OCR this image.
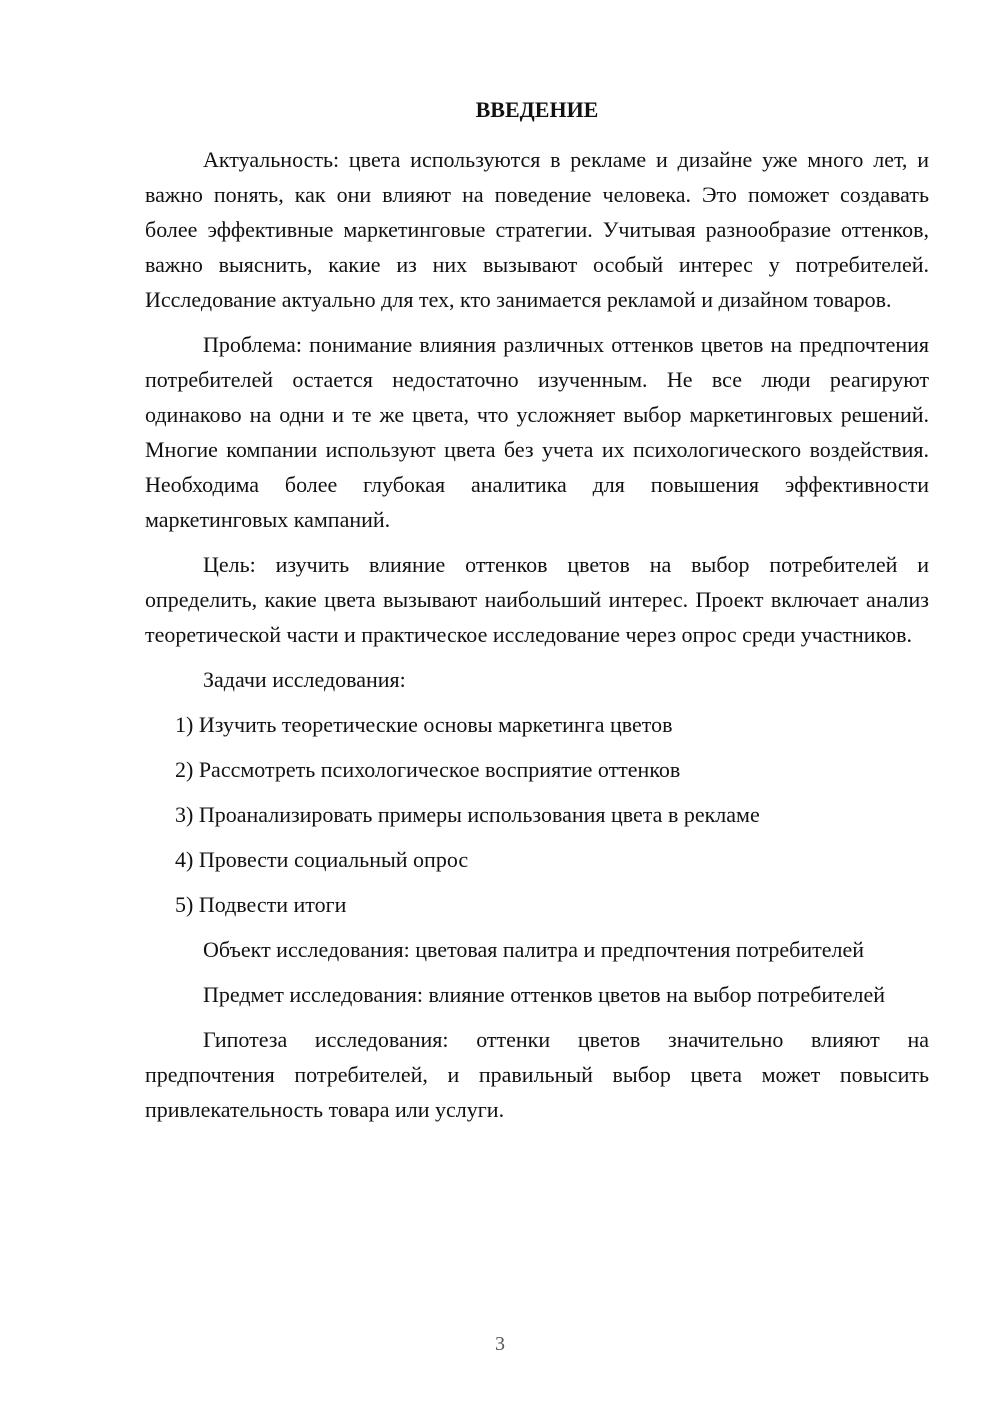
ВВЕДЕНИЕ

Актуальность: цвета используются в рекламе и дизайне уже много лет, и важно понять, как они влияют на поведение человека. Это поможет создавать более эффективные маркетинговые стратегии. Учитывая разнообразие оттенков, важно выяснить, какие из них вызывают особый интерес у потребителей. Исследование актуально для тех, кто занимается рекламой и дизайном товаров.

Проблема: понимание влияния различных оттенков цветов на предпочтения потребителей остается недостаточно изученным. Не все люди реагируют одинаково на одни и те же цвета, что усложняет выбор маркетинговых решений. Многие компании используют цвета без учета их психологического воздействия. Необходима более глубокая аналитика для повышения эффективности маркетинговых кампаний.

Цель: изучить влияние оттенков цветов на выбор потребителей и определить, какие цвета вызывают наибольший интерес. Проект включает анализ теоретической части и практическое исследование через опрос среди участников.

Задачи исследования:
1) Изучить теоретические основы маркетинга цветов
2) Рассмотреть психологическое восприятие оттенков
3) Проанализировать примеры использования цвета в рекламе
4) Провести социальный опрос
5) Подвести итоги

Объект исследования: цветовая палитра и предпочтения потребителей

Предмет исследования: влияние оттенков цветов на выбор потребителей

Гипотеза исследования: оттенки цветов значительно влияют на предпочтения потребителей, и правильный выбор цвета может повысить привлекательность товара или услуги.

3
